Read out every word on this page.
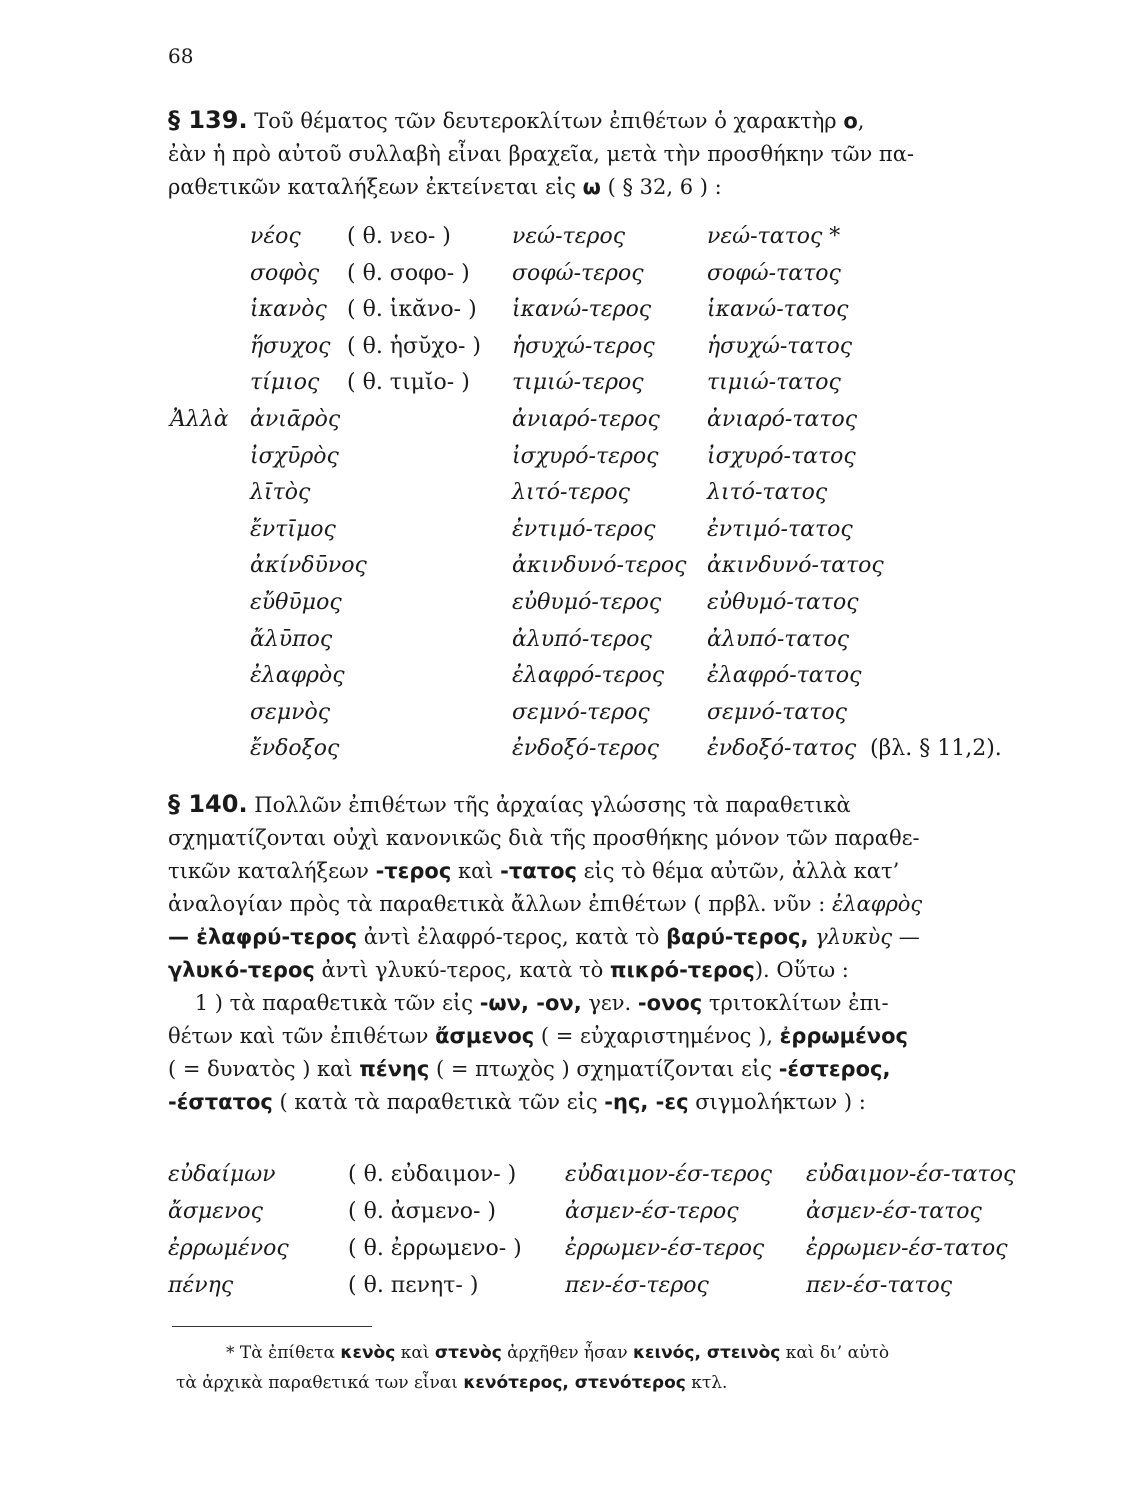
68
§ 139. Τοῦ θέματος τῶν δευτεροκλίτων ἐπιθέτων ὁ χαρακτὴρ ο,
ἐὰν ἡ πρὸ αὐτοῦ συλλαβὴ εἶναι βραχεῖα, μετὰ τὴν προσθήκην τῶν πα-
ραθετικῶν καταλήξεων ἐκτείνεται εἰς ω ( § 32, 6 ) :
νέος ( θ. νεο- )	νεώ-τερος	νεώ-τατος *
σοφὸς ( θ. σοφο- ) σοφώ-τερος	σοφώ-τατος
ἱκανὸς ( θ. ἱκᾰνο- ) ἱκανώ-τερος	ἱκανώ-τατος
ἥσυχος ( θ. ἡσῠχο- ) ἡσυχώ-τερος ἡσυχώ-τατος
τίμιος ( θ. τιμῐο- ) τιμιώ-τερος	τιμιώ-τατος
Ἀλλὰ ἀνιᾱρὸς	ἀνιαρό-τερος ἀνιαρό-τατος
ἰσχῡρὸς	ἰσχυρό-τερος ἰσχυρό-τατος
λῑτὸς	λιτό-τερος	λιτό-τατος
ἔντῑμος	ἐντιμό-τερος ἐντιμό-τατος
ἀκίνδῡνος	ἀκινδυνό-τερος ἀκινδυνό-τατος
εὔθῡμος	εὐθυμό-τερος εὐθυμό-τατος
ἄλῡπος	ἀλυπό-τερος	ἀλυπό-τατος
ἐλαφρὸς	ἐλαφρό-τερος ἐλαφρό-τατος
σεμνὸς	σεμνό-τερος	σεμνό-τατος
ἔνδοξος	ἐνδοξό-τερος ἐνδοξό-τατος (βλ. § 11,2).
§ 140. Πολλῶν ἐπιθέτων τῆς ἀρχαίας γλώσσης τὰ παραθετικὰ
σχηματίζονται οὐχὶ κανονικῶς διὰ τῆς προσθήκης μόνον τῶν παραθε-
τικῶν καταλήξεων -τερος καὶ -τατος εἰς τὸ θέμα αὐτῶν, ἀλλὰ κατ’
ἀναλογίαν πρὸς τὰ παραθετικὰ ἄλλων ἐπιθέτων ( πρβλ. νῦν : ἐλαφρὸς
— ἐλαφρύ-τερος ἀντὶ ἐλαφρό-τερος, κατὰ τὸ βαρύ-τερος, γλυκὺς —
γλυκό-τερος ἀντὶ γλυκύ-τερος, κατὰ τὸ πικρό-τερος). Οὕτω :
1 ) τὰ παραθετικὰ τῶν εἰς -ων, -ον, γεν. -ονος τριτοκλίτων ἐπι-
θέτων καὶ τῶν ἐπιθέτων ἄσμενος ( = εὐχαριστημένος ), ἐρρωμένος
( = δυνατὸς ) καὶ πένης ( = πτωχὸς ) σχηματίζονται εἰς -έστερος,
-έστατος ( κατὰ τὰ παραθετικὰ τῶν εἰς -ης, -ες σιγμολήκτων ) :
εὐδαίμων	( θ. εὐδαιμον- ) εὐδαιμον-έσ-τερος εὐδαιμον-έσ-τατος
ἄσμενος	( θ. ἀσμενο- )	ἀσμεν-έσ-τερος	ἀσμεν-έσ-τατος
ἐρρωμένος	( θ. ἐρρωμενο- ) ἐρρωμεν-έσ-τερος ἐρρωμεν-έσ-τατος
πένης	( θ. πενητ- )	πεν-έσ-τερος	πεν-έσ-τατος
* Τὰ ἐπίθετα κενὸς καὶ στενὸς ἀρχῆθεν ἦσαν κεινός, στεινὸς καὶ δι’ αὐτὸ
τὰ ἀρχικὰ παραθετικά των εἶναι κενότερος, στενότερος κτλ.
